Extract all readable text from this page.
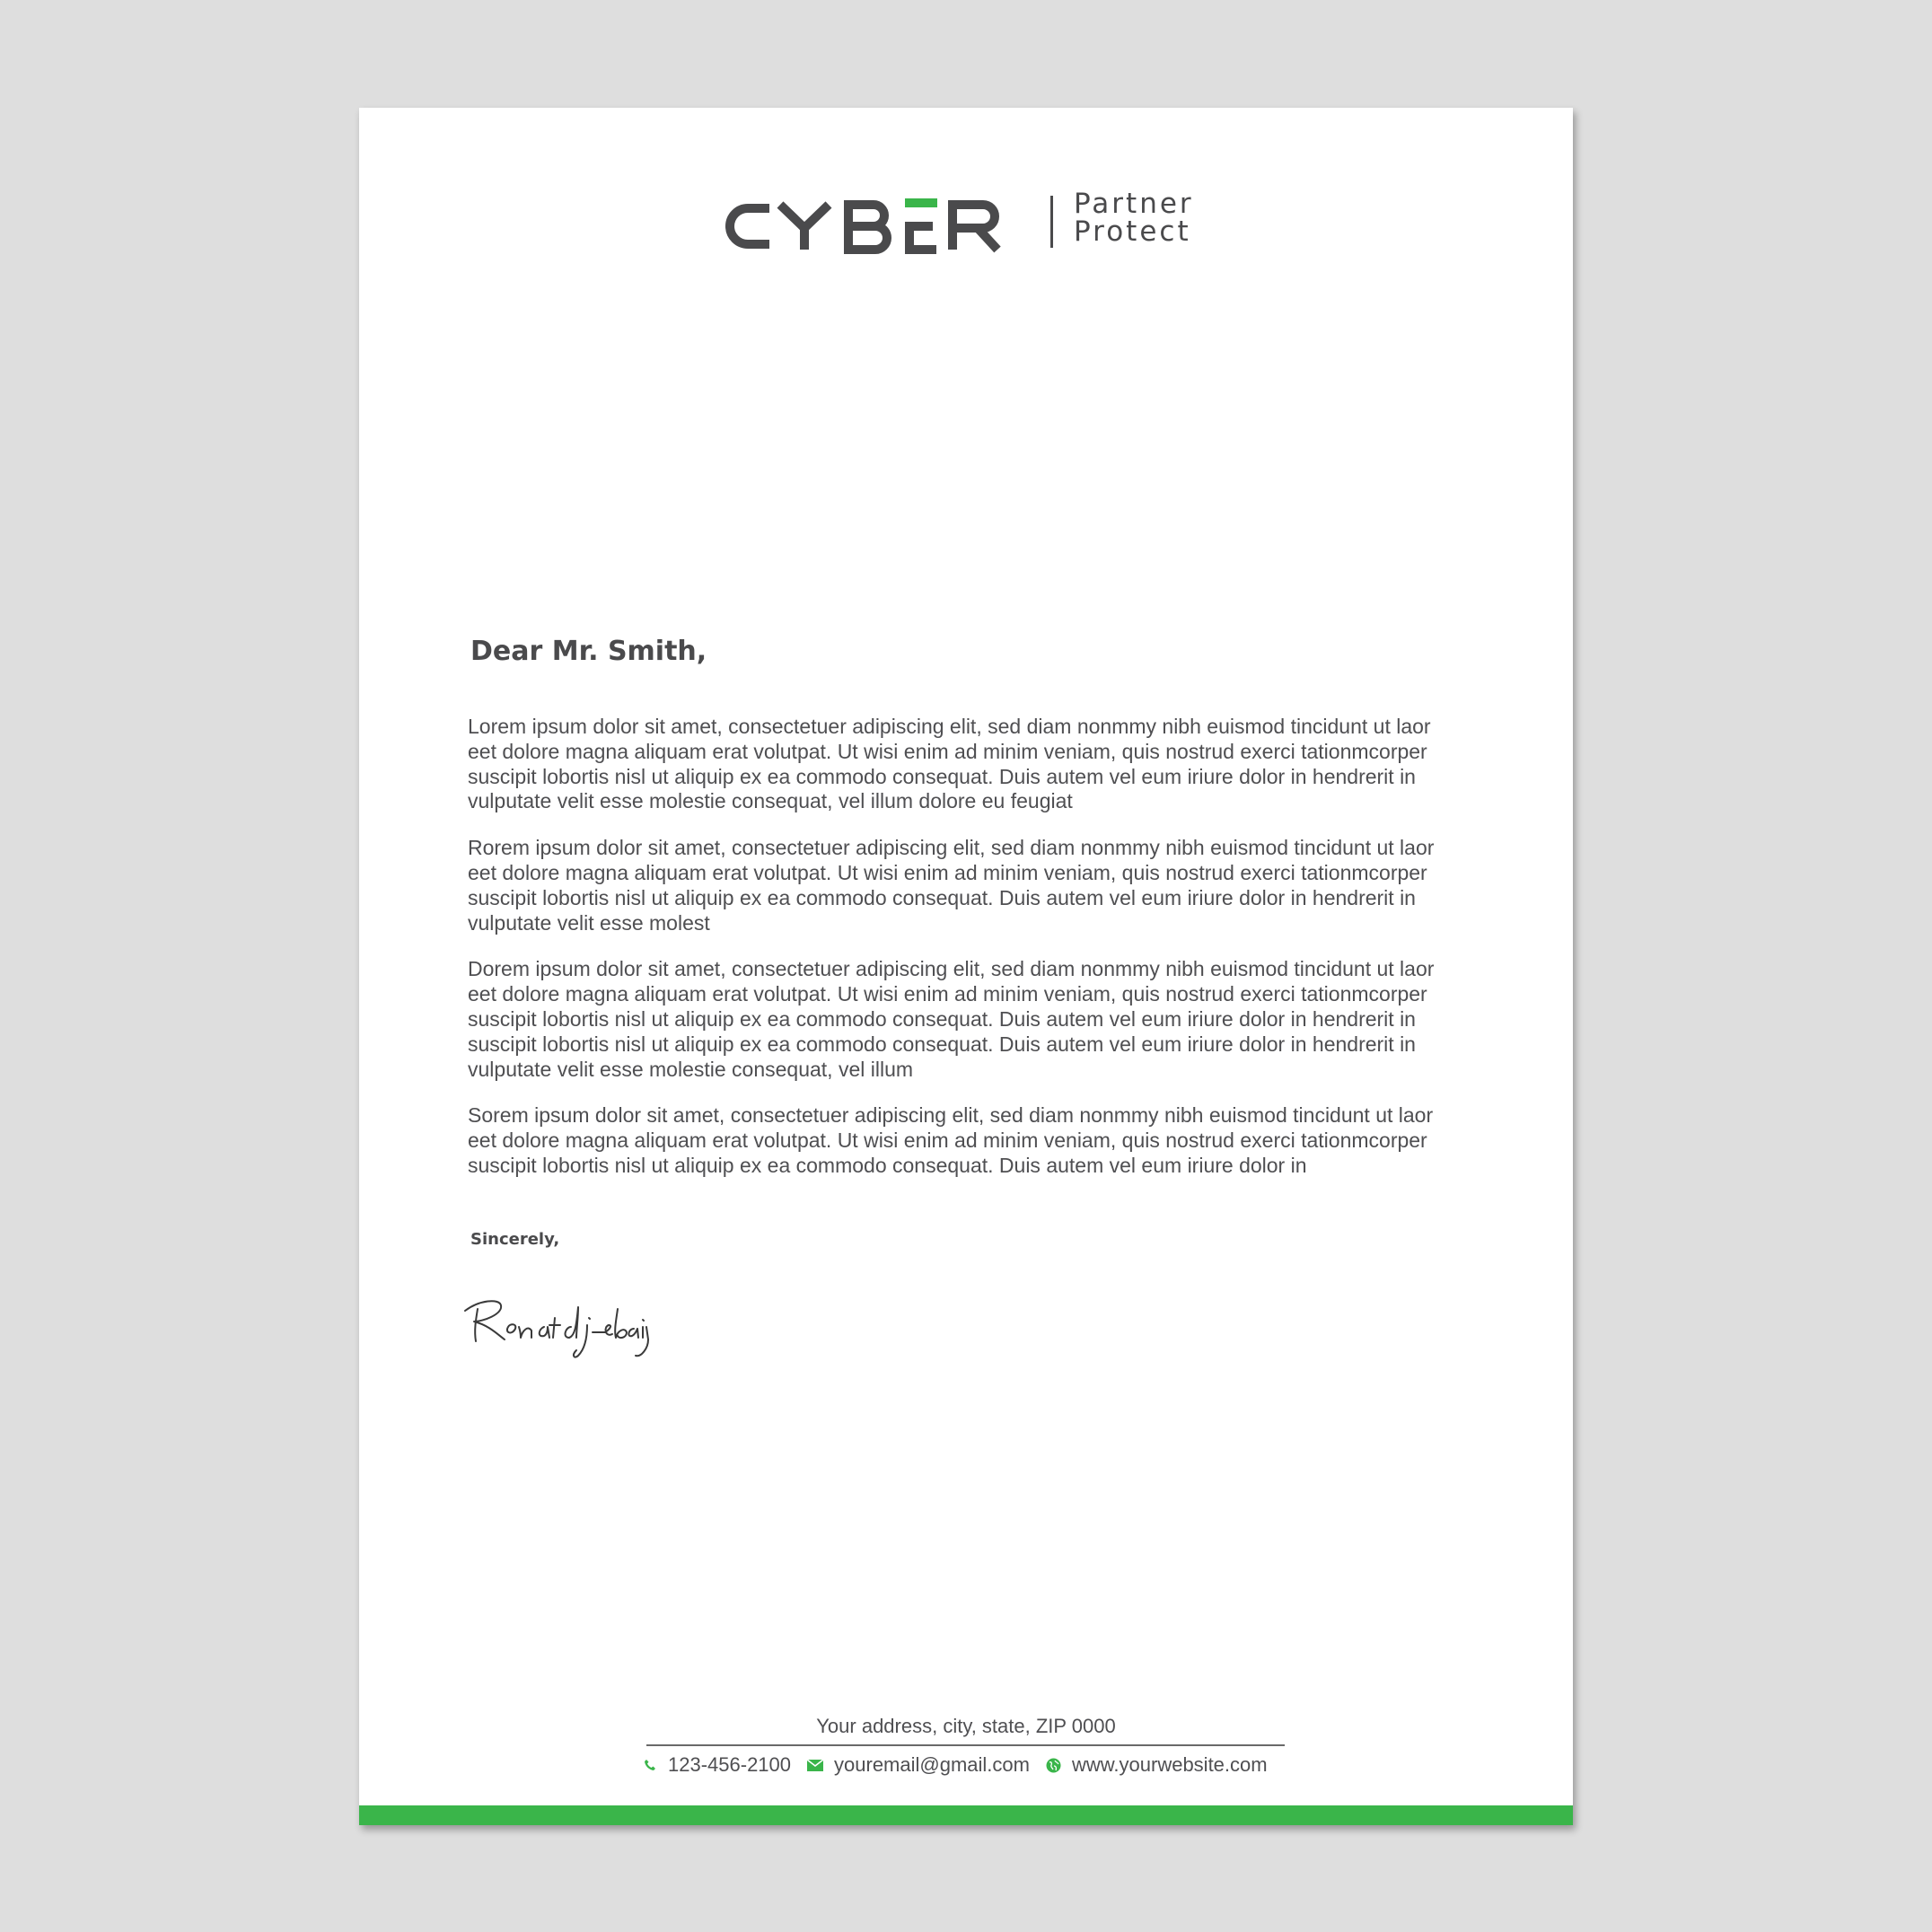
Partner
Protect
Dear Mr. Smith,

Lorem ipsum dolor sit amet, consectetuer adipiscing elit, sed diam nonmmy nibh euismod tincidunt ut laor eet dolore magna aliquam erat volutpat. Ut wisi enim ad minim veniam, quis nostrud exerci tationmcorper suscipit lobortis nisl ut aliquip ex ea commodo consequat. Duis autem vel eum iriure dolor in hendrerit in vulputate velit esse molestie consequat, vel illum dolore eu feugiat

Rorem ipsum dolor sit amet, consectetuer adipiscing elit, sed diam nonmmy nibh euismod tincidunt ut laor eet dolore magna aliquam erat volutpat. Ut wisi enim ad minim veniam, quis nostrud exerci tationmcorper suscipit lobortis nisl ut aliquip ex ea commodo consequat. Duis autem vel eum iriure dolor in hendrerit in vulputate velit esse molest

Dorem ipsum dolor sit amet, consectetuer adipiscing elit, sed diam nonmmy nibh euismod tincidunt ut laor eet dolore magna aliquam erat volutpat. Ut wisi enim ad minim veniam, quis nostrud exerci tationmcorper suscipit lobortis nisl ut aliquip ex ea commodo consequat. Duis autem vel eum iriure dolor in hendrerit in suscipit lobortis nisl ut aliquip ex ea commodo consequat. Duis autem vel eum iriure dolor in hendrerit in vulputate velit esse molestie consequat, vel illum

Sorem ipsum dolor sit amet, consectetuer adipiscing elit, sed diam nonmmy nibh euismod tincidunt ut laor eet dolore magna aliquam erat volutpat. Ut wisi enim ad minim veniam, quis nostrud exerci tationmcorper suscipit lobortis nisl ut aliquip ex ea commodo consequat. Duis autem vel eum iriure dolor in

Sincerely,
Your address, city, state, ZIP 0000
123-456-2100 youremail@gmail.com www.yourwebsite.com
